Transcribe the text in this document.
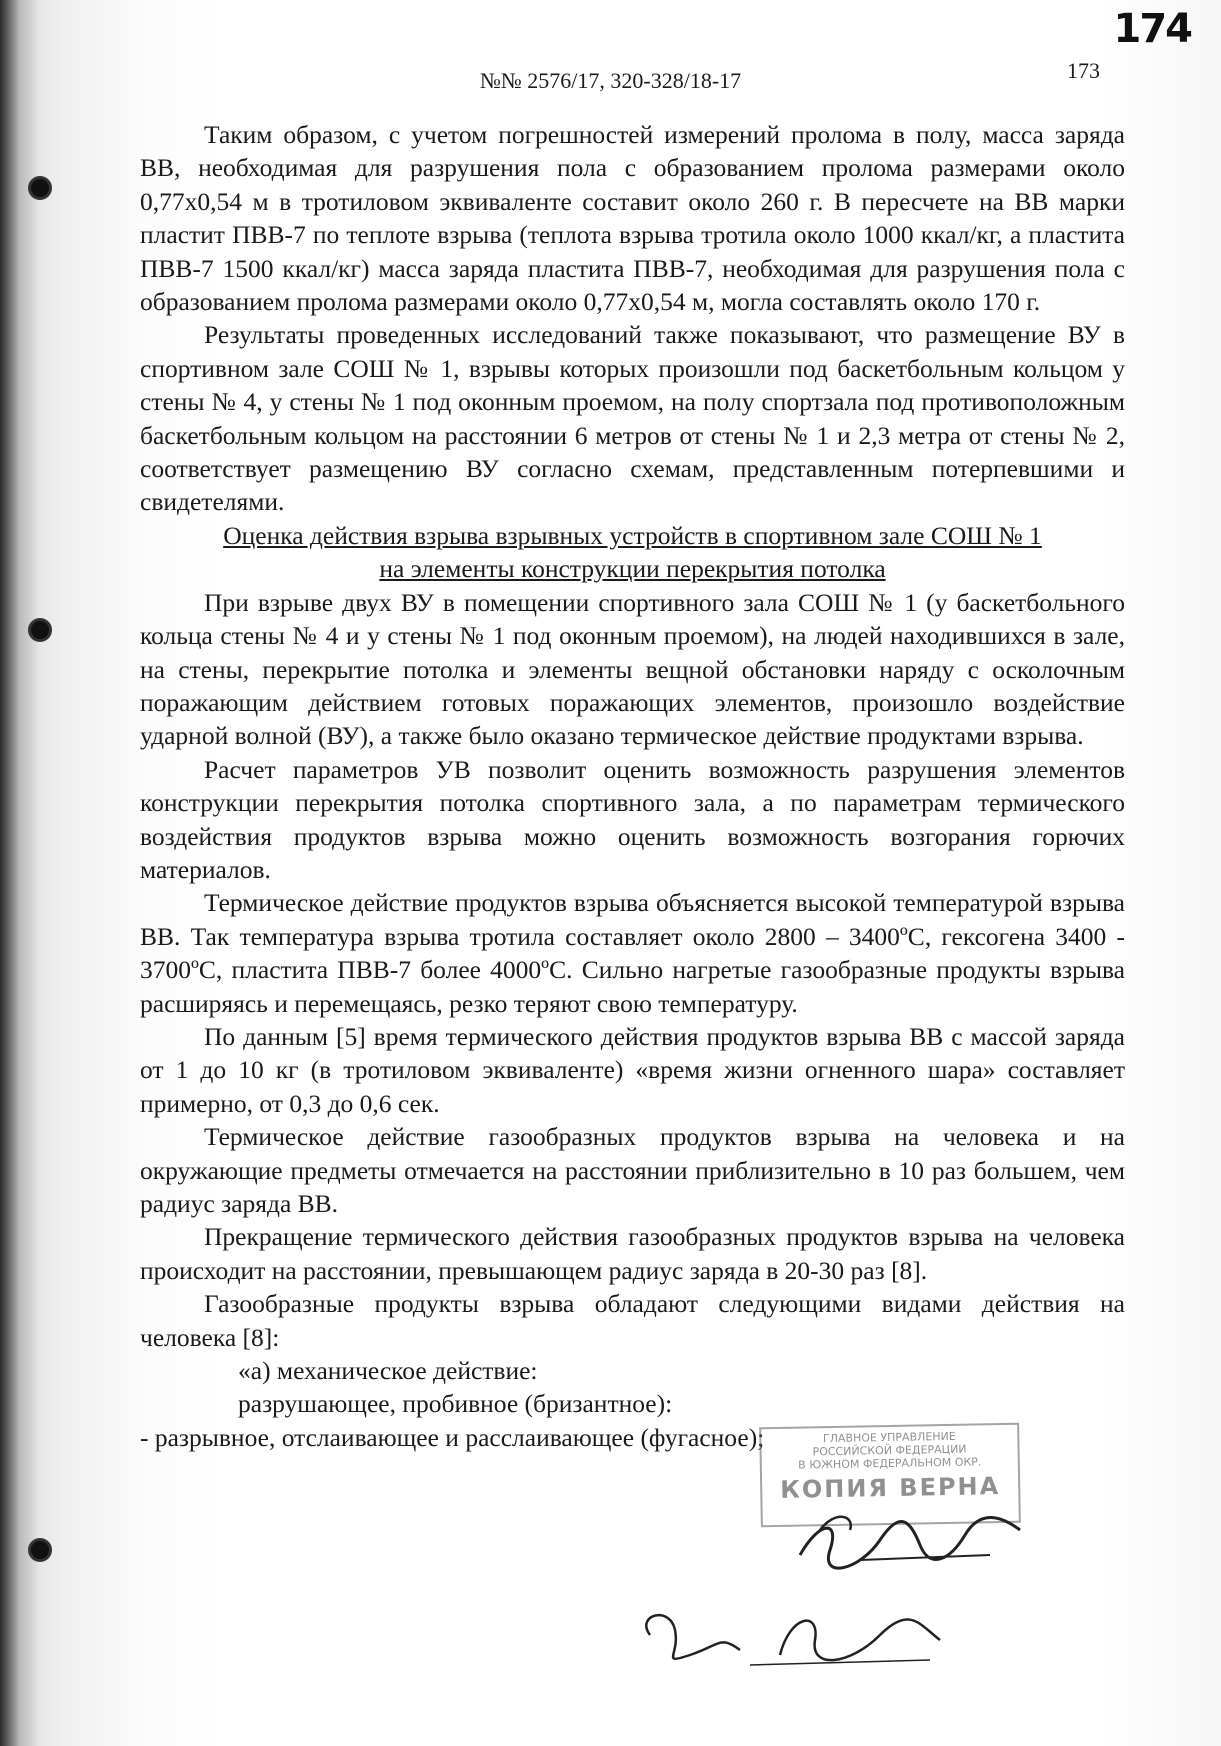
174
173
№№ 2576/17, 320-328/18-17

Таким образом, с учетом погрешностей измерений пролома в полу, масса заряда ВВ, необходимая для разрушения пола с образованием пролома размерами около 0,77х0,54 м в тротиловом эквиваленте составит около 260 г. В пересчете на ВВ марки пластит ПВВ-7 по теплоте взрыва (теплота взрыва тротила около 1000 ккал/кг, а пластита ПВВ-7 1500 ккал/кг) масса заряда пластита ПВВ-7, необходимая для разрушения пола с образованием пролома размерами около 0,77х0,54 м, могла составлять около 170 г.

Результаты проведенных исследований также показывают, что размещение ВУ в спортивном зале СОШ № 1, взрывы которых произошли под баскетбольным кольцом у стены № 4, у стены № 1 под оконным проемом, на полу спортзала под противоположным баскетбольным кольцом на расстоянии 6 метров от стены № 1 и 2,3 метра от стены № 2, соответствует размещению ВУ согласно схемам, представленным потерпевшими и свидетелями.

Оценка действия взрыва взрывных устройств в спортивном зале СОШ № 1
на элементы конструкции перекрытия потолка

При взрыве двух ВУ в помещении спортивного зала СОШ № 1 (у баскетбольного кольца стены № 4 и у стены № 1 под оконным проемом), на людей находившихся в зале, на стены, перекрытие потолка и элементы вещной обстановки наряду с осколочным поражающим действием готовых поражающих элементов, произошло воздействие ударной волной (ВУ), а также было оказано термическое действие продуктами взрыва.

Расчет параметров УВ позволит оценить возможность разрушения элементов конструкции перекрытия потолка спортивного зала, а по параметрам термического воздействия продуктов взрыва можно оценить возможность возгорания горючих материалов.

Термическое действие продуктов взрыва объясняется высокой температурой взрыва ВВ. Так температура взрыва тротила составляет около 2800 – 3400ºС, гексогена 3400 - 3700ºС, пластита ПВВ-7 более 4000ºС. Сильно нагретые газообразные продукты взрыва расширяясь и перемещаясь, резко теряют свою температуру.

По данным [5] время термического действия продуктов взрыва ВВ с массой заряда от 1 до 10 кг (в тротиловом эквиваленте) «время жизни огненного шара» составляет примерно, от 0,3 до 0,6 сек.

Термическое действие газообразных продуктов взрыва на человека и на окружающие предметы отмечается на расстоянии приблизительно в 10 раз большем, чем радиус заряда ВВ.

Прекращение термического действия газообразных продуктов взрыва на человека происходит на расстоянии, превышающем радиус заряда в 20-30 раз [8].

Газообразные продукты взрыва обладают следующими видами действия на человека [8]:

«а) механическое действие:
разрушающее, пробивное (бризантное):
- разрывное, отслаивающее и расслаивающее (фугасное);	ГЛАВНОЕ УПРАВЛЕНИЕ
РОССИЙСКОЙ ФЕДЕРАЦИИ
В ЮЖНОМ ФЕДЕРАЛЬНОМ ОКР.
КОПИЯ ВЕРНА
